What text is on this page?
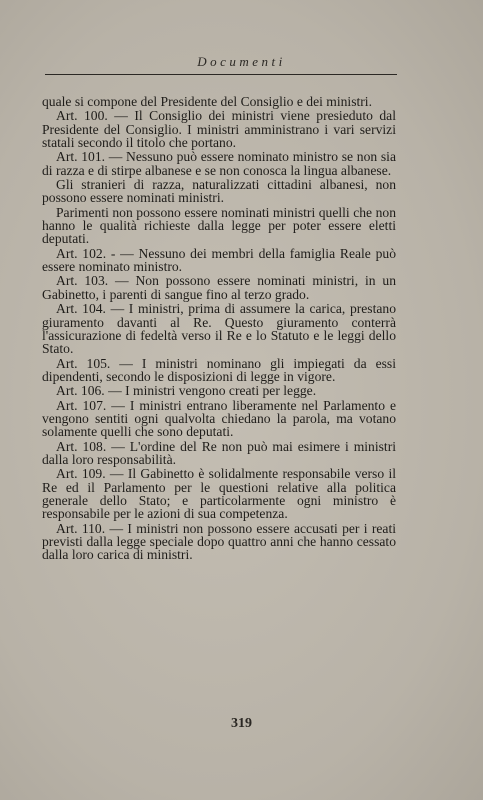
Documenti

quale si compone del Presidente del Consiglio e dei ministri.

Art. 100. — Il Consiglio dei ministri viene presieduto dal Presidente del Consiglio. I ministri amministrano i vari servizi statali secondo il titolo che portano.

Art. 101. — Nessuno può essere nominato ministro se non sia di razza e di stirpe albanese e se non conosca la lingua albanese.

Gli stranieri di razza, naturalizzati cittadini albanesi, non possono essere nominati ministri.

Parimenti non possono essere nominati ministri quelli che non hanno le qualità richieste dalla legge per poter essere eletti deputati.

Art. 102. - — Nessuno dei membri della famiglia Reale può essere nominato ministro.

Art. 103. — Non possono essere nominati ministri, in un Gabinetto, i parenti di sangue fino al terzo grado.

Art. 104. — I ministri, prima di assumere la carica, prestano giuramento davanti al Re. Questo giuramento conterrà l'assicurazione di fedeltà verso il Re e lo Statuto e le leggi dello Stato.

Art. 105. — I ministri nominano gli impiegati da essi dipendenti, secondo le disposizioni di legge in vigore.

Art. 106. — I ministri vengono creati per legge.

Art. 107. — I ministri entrano liberamente nel Parlamento e vengono sentiti ogni qualvolta chiedano la parola, ma votano solamente quelli che sono deputati.

Art. 108. — L'ordine del Re non può mai esimere i ministri dalla loro responsabilità.

Art. 109. — Il Gabinetto è solidalmente responsabile verso il Re ed il Parlamento per le questioni relative alla politica generale dello Stato; e particolarmente ogni ministro è responsabile per le azioni di sua competenza.

Art. 110. — I ministri non possono essere accusati per i reati previsti dalla legge speciale dopo quattro anni che hanno cessato dalla loro carica di ministri.

319
